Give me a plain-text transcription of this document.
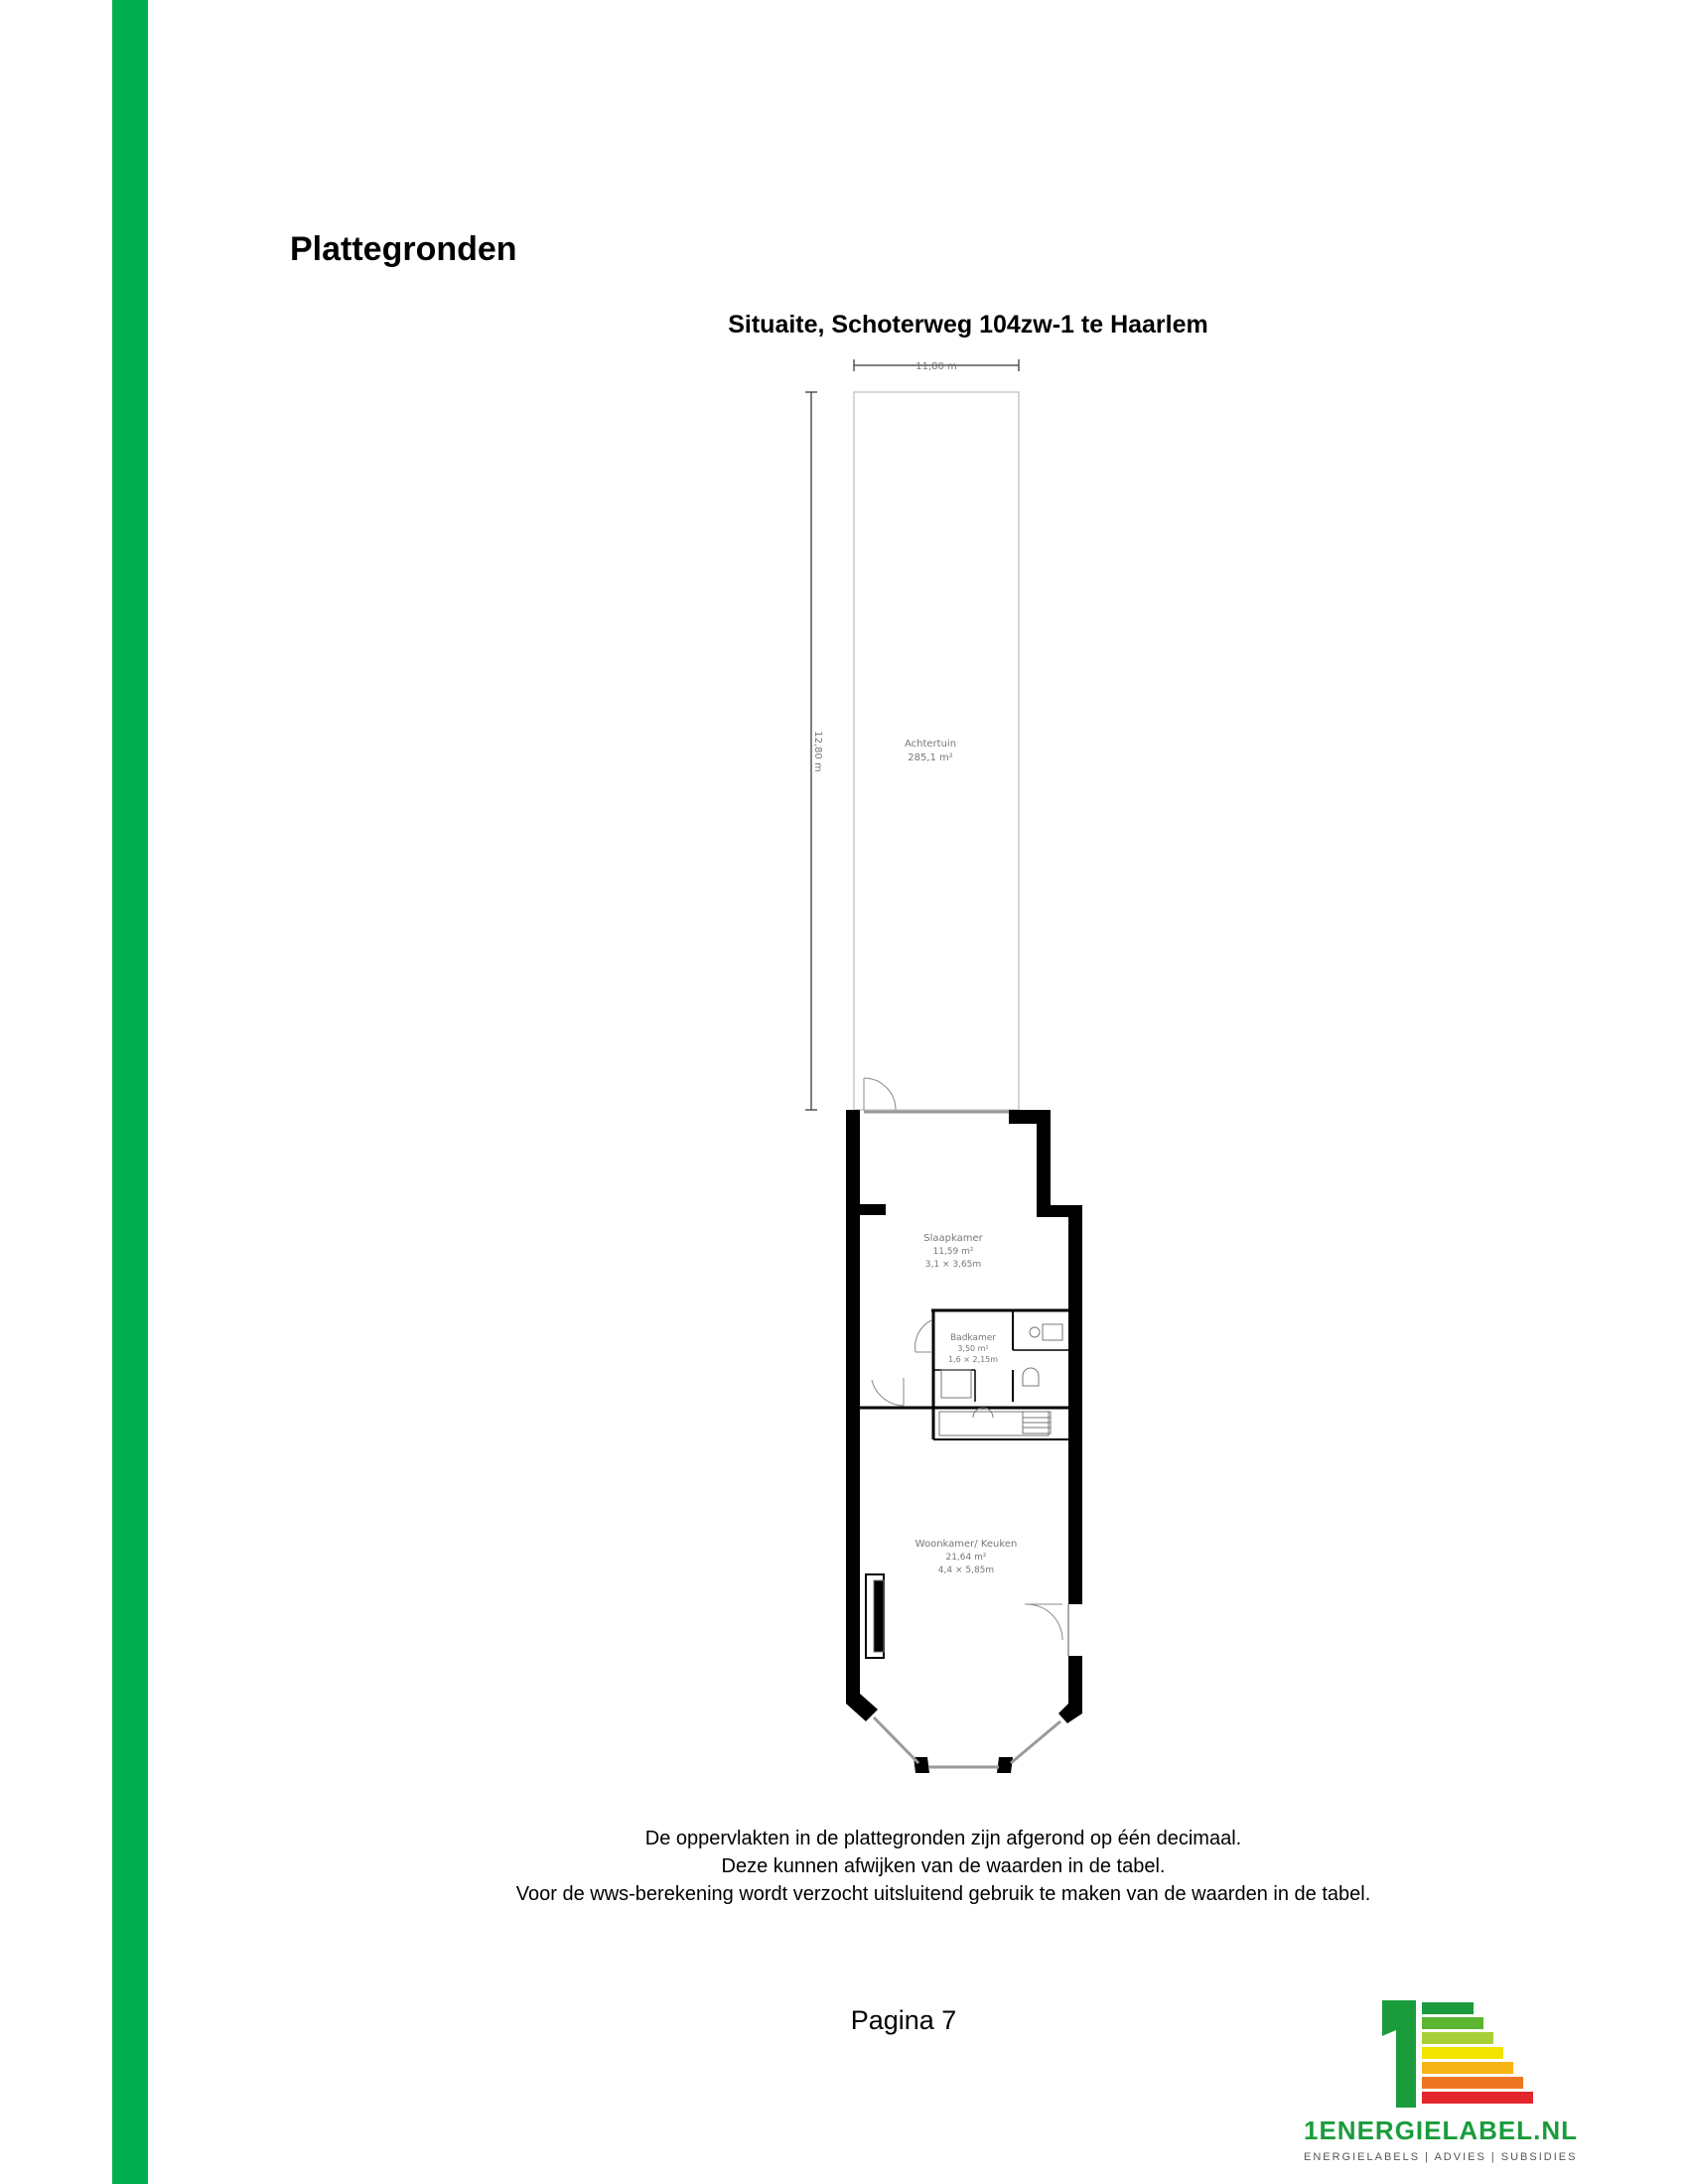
Plattegronden
Situaite, Schoterweg 104zw-1 te Haarlem
11,80 m
12,80 m	Achtertuin
285,1 m²
Slaapkamer
11,59 m²
3,1 × 3,65m
Badkamer
3,50 m²
1,6 × 2,15m
Woonkamer/ Keuken
21,64 m²
4,4 × 5,85m
De oppervlakten in de plattegronden zijn afgerond op één decimaal.
Deze kunnen afwijken van de waarden in de tabel.
Voor de wws-berekening wordt verzocht uitsluitend gebruik te maken van de waarden in de tabel.
Pagina 7
1ENERGIELABEL.NL
ENERGIELABELS | ADVIES | SUBSIDIES
